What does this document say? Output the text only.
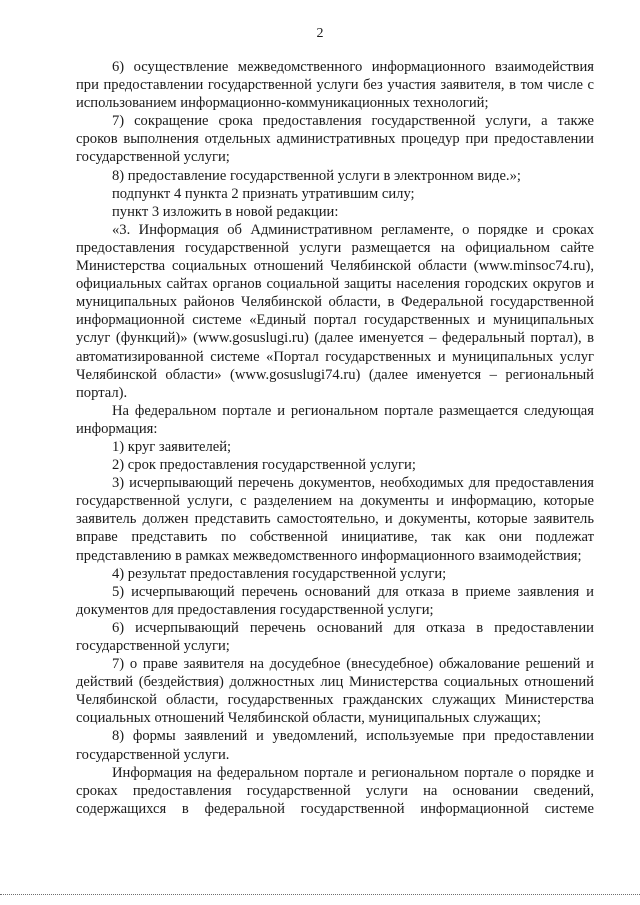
2

6) осуществление межведомственного информационного взаимодействия при предоставлении государственной услуги без участия заявителя, в том числе с использованием информационно-коммуникационных технологий;

7) сокращение срока предоставления государственной услуги, а также сроков выполнения отдельных административных процедур при предоставлении государственной услуги;

8) предоставление государственной услуги в электронном виде.»;

подпункт 4 пункта 2 признать утратившим силу;

пункт 3 изложить в новой редакции:

«3. Информация об Административном регламенте, о порядке и сроках предоставления государственной услуги размещается на официальном сайте Министерства социальных отношений Челябинской области (www.minsoc74.ru), официальных сайтах органов социальной защиты населения городских округов и муниципальных районов Челябинской области, в Федеральной государственной информационной системе «Единый портал государственных и муниципальных услуг (функций)» (www.gosuslugi.ru) (далее именуется – федеральный портал), в автоматизированной системе «Портал государственных и муниципальных услуг Челябинской области» (www.gosuslugi74.ru) (далее именуется – региональный портал).

На федеральном портале и региональном портале размещается следующая информация:

1) круг заявителей;

2) срок предоставления государственной услуги;

3) исчерпывающий перечень документов, необходимых для предоставления государственной услуги, с разделением на документы и информацию, которые заявитель должен представить самостоятельно, и документы, которые заявитель вправе представить по собственной инициативе, так как они подлежат представлению в рамках межведомственного информационного взаимодействия;

4) результат предоставления государственной услуги;

5) исчерпывающий перечень оснований для отказа в приеме заявления и документов для предоставления государственной услуги;

6) исчерпывающий перечень оснований для отказа в предоставлении государственной услуги;

7) о праве заявителя на досудебное (внесудебное) обжалование решений и действий (бездействия) должностных лиц Министерства социальных отношений Челябинской области, государственных гражданских служащих Министерства социальных отношений Челябинской области, муниципальных служащих;

8) формы заявлений и уведомлений, используемые при предоставлении государственной услуги.

Информация на федеральном портале и региональном портале о порядке и сроках предоставления государственной услуги на основании сведений, содержащихся в федеральной государственной информационной системе
